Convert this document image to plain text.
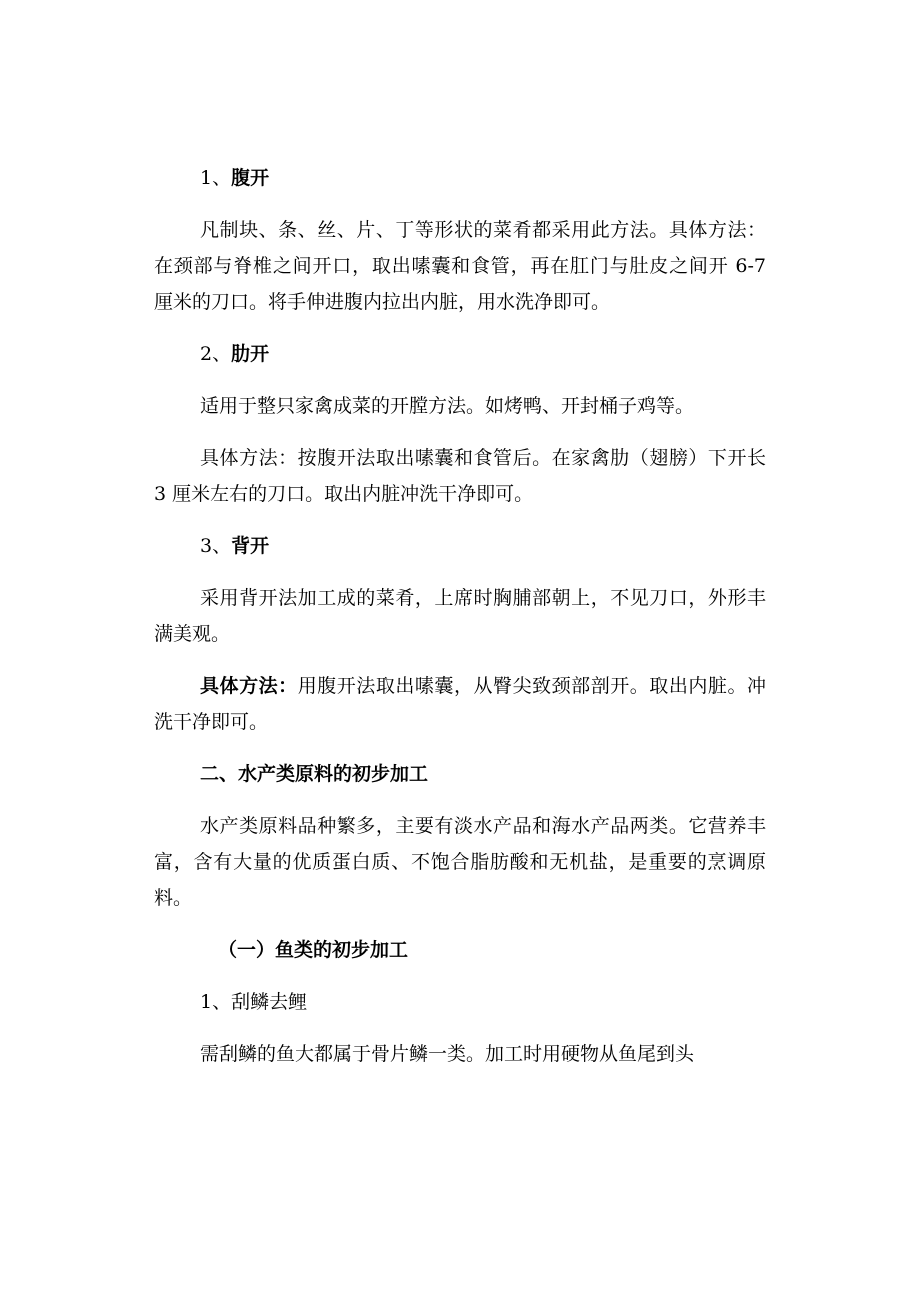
1、腹开

凡制块、条、丝、片、丁等形状的菜肴都采用此方法。具体方法：在颈部与脊椎之间开口，取出嗉囊和食管，再在肛门与肚皮之间开 6-7 厘米的刀口。将手伸进腹内拉出内脏，用水洗净即可。

2、肋开

适用于整只家禽成菜的开膛方法。如烤鸭、开封桶子鸡等。

具体方法：按腹开法取出嗉囊和食管后。在家禽肋（翅膀）下开长 3 厘米左右的刀口。取出内脏冲洗干净即可。

3、背开

采用背开法加工成的菜肴，上席时胸脯部朝上，不见刀口，外形丰满美观。

具体方法：用腹开法取出嗉囊，从臀尖致颈部剖开。取出内脏。冲洗干净即可。

二、水产类原料的初步加工

水产类原料品种繁多，主要有淡水产品和海水产品两类。它营养丰富，含有大量的优质蛋白质、不饱合脂肪酸和无机盐，是重要的烹调原料。

（一）鱼类的初步加工

1、刮鳞去鲤

需刮鳞的鱼大都属于骨片鳞一类。加工时用硬物从鱼尾到头
